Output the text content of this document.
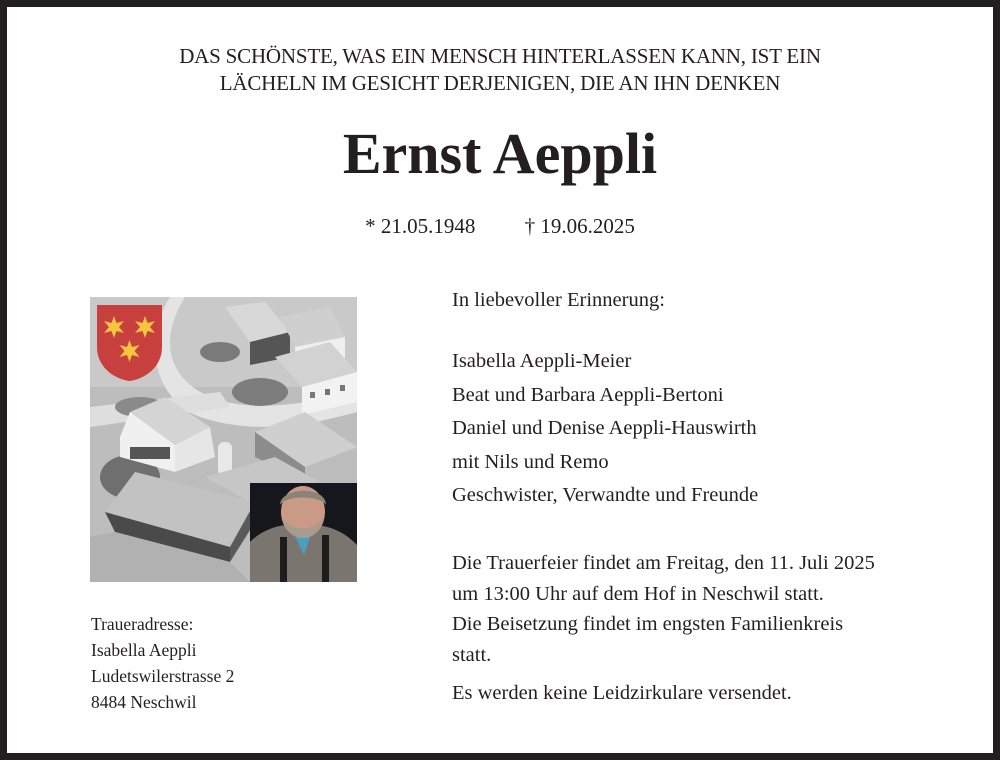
DAS SCHÖNSTE, WAS EIN MENSCH HINTERLASSEN KANN, IST EIN
LÄCHELN IM GESICHT DERJENIGEN, DIE AN IHN DENKEN
Ernst Aeppli
* 21.05.1948 † 19.06.2025
Traueradresse:
Isabella Aeppli
Ludetswilerstrasse 2
8484 Neschwil
In liebevoller Erinnerung:
Isabella Aeppli-Meier
Beat und Barbara Aeppli-Bertoni
Daniel und Denise Aeppli-Hauswirth
mit Nils und Remo
Geschwister, Verwandte und Freunde
Die Trauerfeier findet am Freitag, den 11. Juli 2025
um 13:00 Uhr auf dem Hof in Neschwil statt.
Die Beisetzung findet im engsten Familienkreis
statt.
Es werden keine Leidzirkulare versendet.
